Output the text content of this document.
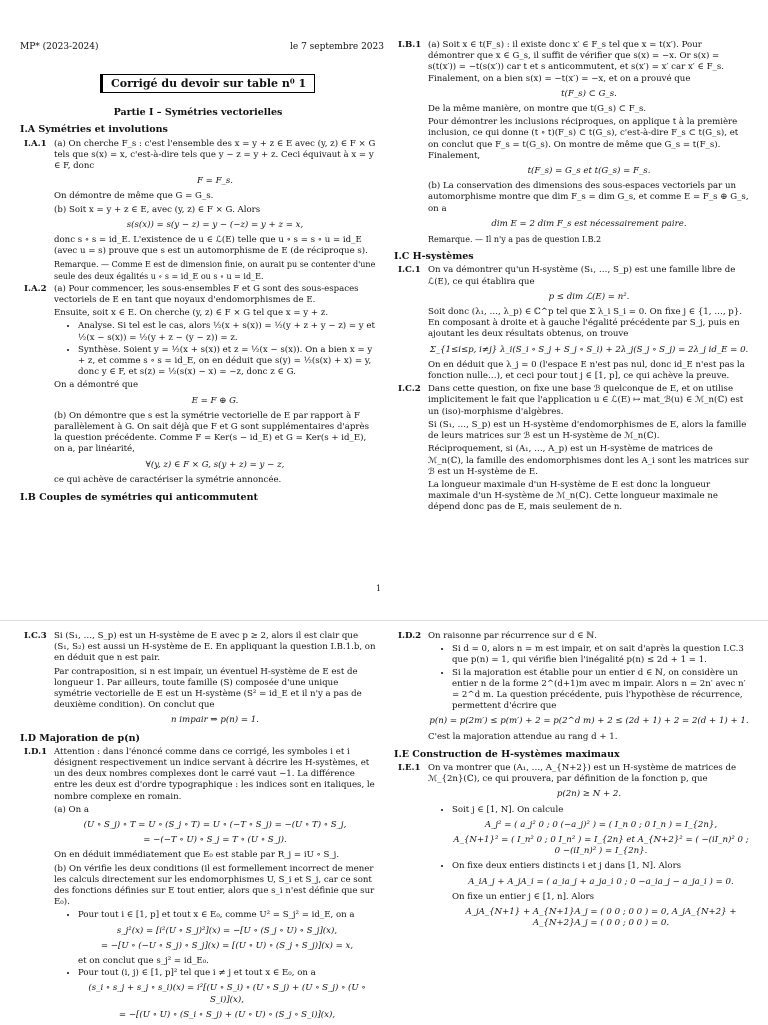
MP* (2023-2024)	le 7 septembre 2023
Corrigé du devoir sur table n⁰ 1
Partie I – Symétries vectorielles
I.A Symétries et involutions
I.A.1 (a) On cherche F_s : c'est l'ensemble des x = y + z ∈ E avec (y, z) ∈ F × G tels que s(x) = x, c'est-à-dire tels que y − z = y + z. Ceci équivaut à x = y ∈ F, donc

F = F_s.

On démontre de même que G = G_s.

(b) Soit x = y + z ∈ E, avec (y, z) ∈ F × G. Alors

s(s(x)) = s(y − z) = y − (−z) = y + z = x,

donc s ∘ s = id_E. L'existence de u ∈ ℒ(E) telle que u ∘ s = s ∘ u = id_E (avec u = s) prouve que s est un automorphisme de E (de réciproque s).

Remarque. — Comme E est de dimension finie, on aurait pu se contenter d'une seule des deux égalités u ∘ s = id_E ou s ∘ u = id_E.

I.A.2 (a) Pour commencer, les sous-ensembles F et G sont des sous-espaces vectoriels de E en tant que noyaux d'endomorphismes de E.

Ensuite, soit x ∈ E. On cherche (y, z) ∈ F × G tel que x = y + z.

• Analyse. Si tel est le cas, alors ½(x + s(x)) = ½(y + z + y − z) = y et ½(x − s(x)) = ½(y + z − (y − z)) = z.
• Synthèse. Soient y = ½(x + s(x)) et z = ½(x − s(x)). On a bien x = y + z, et comme s ∘ s = id_E, on en déduit que s(y) = ½(s(x) + x) = y, donc y ∈ F, et s(z) = ½(s(x) − x) = −z, donc z ∈ G.

On a démontré que

E = F ⊕ G.

(b) On démontre que s est la symétrie vectorielle de E par rapport à F parallèlement à G. On sait déjà que F et G sont supplémentaires d'après la question précédente. Comme F = Ker(s − id_E) et G = Ker(s + id_E), on a, par linéarité,

∀(y, z) ∈ F × G, s(y + z) = y − z,

ce qui achève de caractériser la symétrie annoncée.

I.B Couples de symétries qui anticommutent
I.B.1 (a) Soit x ∈ t(F_s) : il existe donc x′ ∈ F_s tel que x = t(x′). Pour démontrer que x ∈ G_s, il suffit de vérifier que s(x) = −x. Or s(x) = s(t(x′)) = −t(s(x′)) car t et s anticommutent, et s(x′) = x′ car x′ ∈ F_s. Finalement, on a bien s(x) = −t(x′) = −x, et on a prouvé que

t(F_s) ⊂ G_s.

De la même manière, on montre que t(G_s) ⊂ F_s.

Pour démontrer les inclusions réciproques, on applique t à la première inclusion, ce qui donne (t ∘ t)(F_s) ⊂ t(G_s), c'est-à-dire F_s ⊂ t(G_s), et on conclut que F_s = t(G_s). On montre de même que G_s = t(F_s). Finalement,

t(F_s) = G_s et t(G_s) = F_s.

(b) La conservation des dimensions des sous-espaces vectoriels par un automorphisme montre que dim F_s = dim G_s, et comme E = F_s ⊕ G_s, on a

dim E = 2 dim F_s est nécessairement paire.

Remarque. — Il n'y a pas de question I.B.2

I.C H-systèmes
I.C.1 On va démontrer qu'un H-système (S₁, …, S_p) est une famille libre de ℒ(E), ce qui établira que

p ≤ dim ℒ(E) = n².

Soit donc (λ₁, …, λ_p) ∈ ℂ^p tel que Σ λ_i S_i = 0. On fixe j ∈ {1, …, p}. En composant à droite et à gauche l'égalité précédente par S_j, puis en ajoutant les deux résultats obtenus, on trouve

Σ_{1≤i≤p, i≠j} λ_i(S_i ∘ S_j + S_j ∘ S_i) + 2λ_j(S_j ∘ S_j) = 2λ_j id_E = 0.

On en déduit que λ_j = 0 (l'espace E n'est pas nul, donc id_E n'est pas la fonction nulle…), et ceci pour tout j ∈ [1, p], ce qui achève la preuve.

I.C.2 Dans cette question, on fixe une base ℬ quelconque de E, et on utilise implicitement le fait que l'application u ∈ ℒ(E) ↦ mat_ℬ(u) ∈ ℳ_n(ℂ) est un (iso)-morphisme d'algèbres.

Si (S₁, …, S_p) est un H-système d'endomorphismes de E, alors la famille de leurs matrices sur ℬ est un H-système de ℳ_n(ℂ).

Réciproquement, si (A₁, …, A_p) est un H-système de matrices de ℳ_n(ℂ), la famille des endomorphismes dont les A_i sont les matrices sur ℬ est un H-système de E.

La longueur maximale d'un H-système de E est donc la longueur maximale d'un H-système de ℳ_n(ℂ). Cette longueur maximale ne dépend donc pas de E, mais seulement de n.

1
I.C.3 Si (S₁, …, S_p) est un H-système de E avec p ≥ 2, alors il est clair que (S₁, S₂) est aussi un H-système de E. En appliquant la question I.B.1.b, on en déduit que n est pair.

Par contraposition, si n est impair, un éventuel H-système de E est de longueur 1. Par ailleurs, toute famille (S) composée d'une unique symétrie vectorielle de E est un H-système (S² = id_E et il n'y a pas de deuxième condition). On conclut que

n impair ⇒ p(n) = 1.
I.D Majoration de p(n)
I.D.1 Attention : dans l'énoncé comme dans ce corrigé, les symboles i et i désignent respectivement un indice servant à décrire les H-systèmes, et un des deux nombres complexes dont le carré vaut −1. La différence entre les deux est d'ordre typographique : les indices sont en italiques, le nombre complexe en romain.

(a) On a

(U ∘ S_j) ∘ T = U ∘ (S_j ∘ T) = U ∘ (−T ∘ S_j) = −(U ∘ T) ∘ S_j,
= −(−T ∘ U) ∘ S_j = T ∘ (U ∘ S_j).

On en déduit immédiatement que E₀ est stable par R_j = iU ∘ S_j.

(b) On vérifie les deux conditions (il est formellement incorrect de mener les calculs directement sur les endomorphismes U, S_i et S_j, car ce sont des fonctions définies sur E tout entier, alors que s_i n'est définie que sur E₀).

• Pour tout i ∈ [1, p] et tout x ∈ E₀, comme U² = S_j² = id_E, on a
s_j²(x) = [i²(U ∘ S_j)²](x) = −[U ∘ (S_j ∘ U) ∘ S_j](x),
= −[U ∘ (−U ∘ S_j) ∘ S_j](x) = [(U ∘ U) ∘ (S_j ∘ S_j)](x) = x,
et on conclut que s_j² = id_E₀.
• Pour tout (i, j) ∈ [1, p]² tel que i ≠ j et tout x ∈ E₀, on a
(s_i ∘ s_j + s_j ∘ s_i)(x) = i²[(U ∘ S_i) ∘ (U ∘ S_j) + (U ∘ S_j) ∘ (U ∘ S_i)](x),
= −[(U ∘ U) ∘ (S_i ∘ S_j) + (U ∘ U) ∘ (S_j ∘ S_i)](x),
I.D.2 On raisonne par récurrence sur d ∈ ℕ.

• Si d = 0, alors n = m est impair, et on sait d'après la question I.C.3 que p(n) = 1, qui vérifie bien l'inégalité p(n) ≤ 2d + 1 = 1.
• Si la majoration est établie pour un entier d ∈ ℕ, on considère un entier n de la forme 2^(d+1)m avec m impair. Alors n = 2n′ avec n′ = 2^d m. La question précédente, puis l'hypothèse de récurrence, permettent d'écrire que
p(n) = p(2m′) ≤ p(m′) + 2 = p(2^d m) + 2 ≤ (2d + 1) + 2 = 2(d + 1) + 1.

C'est la majoration attendue au rang d + 1.

I.E Construction de H-systèmes maximaux
I.E.1 On va montrer que (A₁, …, A_{N+2}) est un H-système de matrices de ℳ_{2n}(ℂ), ce qui prouvera, par définition de la fonction p, que

p(2n) ≥ N + 2.
• Soit j ∈ [1, N]. On calcule
A_j² = ( a_j² 0 ; 0 (−a_j)² ) = ( I_n 0 ; 0 I_n ) = I_{2n},
A_{N+1}² = ( I_n² 0 ; 0 I_n² ) = I_{2n} et A_{N+2}² = ( −(iI_n)² 0 ; 0 −(iI_n)² ) = I_{2n}.
• On fixe deux entiers distincts i et j dans [1, N]. Alors
A_iA_j + A_jA_i = ( a_ia_j + a_ja_i 0 ; 0 −a_ia_j − a_ja_i ) = 0.

On fixe un entier j ∈ [1, n]. Alors

A_jA_{N+1} + A_{N+1}A_j = ( 0 0 ; 0 0 ) = 0, A_jA_{N+2} + A_{N+2}A_j = ( 0 0 ; 0 0 ) = 0.
